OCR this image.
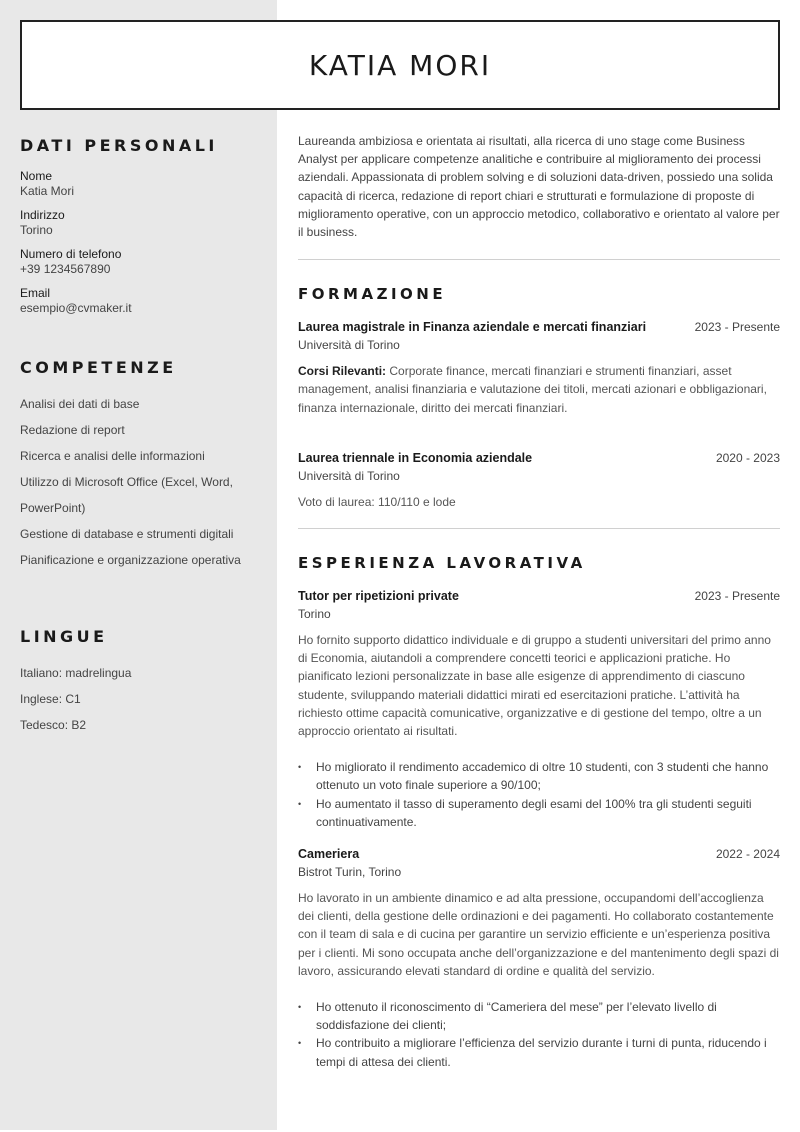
KATIA MORI
DATI PERSONALI
Nome
Katia Mori
Indirizzo
Torino
Numero di telefono
+39 1234567890
Email
esempio@cvmaker.it
COMPETENZE
Analisi dei dati di base
Redazione di report
Ricerca e analisi delle informazioni
Utilizzo di Microsoft Office (Excel, Word,
PowerPoint)
Gestione di database e strumenti digitali
Pianificazione e organizzazione operativa
LINGUE
Italiano: madrelingua
Inglese: C1
Tedesco: B2

Laureanda ambiziosa e orientata ai risultati, alla ricerca di uno stage come Business Analyst per applicare competenze analitiche e contribuire al miglioramento dei processi aziendali. Appassionata di problem solving e di soluzioni data-driven, possiedo una solida capacità di ricerca, redazione di report chiari e strutturati e formulazione di proposte di miglioramento operative, con un approccio metodico, collaborativo e orientato al valore per il business.

FORMAZIONE
Laurea magistrale in Finanza aziendale e mercati finanziari	2023 - Presente
Università di Torino

Corsi Rilevanti: Corporate finance, mercati finanziari e strumenti finanziari, asset management, analisi finanziaria e valutazione dei titoli, mercati azionari e obbligazionari, finanza internazionale, diritto dei mercati finanziari.

Laurea triennale in Economia aziendale	2020 - 2023
Università di Torino

Voto di laurea: 110/110 e lode

ESPERIENZA LAVORATIVA
Tutor per ripetizioni private	2023 - Presente
Torino

Ho fornito supporto didattico individuale e di gruppo a studenti universitari del primo anno di Economia, aiutandoli a comprendere concetti teorici e applicazioni pratiche. Ho pianificato lezioni personalizzate in base alle esigenze di apprendimento di ciascuno studente, sviluppando materiali didattici mirati ed esercitazioni pratiche. L’attività ha richiesto ottime capacità comunicative, organizzative e di gestione del tempo, oltre a un approccio orientato ai risultati.

• Ho migliorato il rendimento accademico di oltre 10 studenti, con 3 studenti che hanno ottenuto un voto finale superiore a 90/100;
• Ho aumentato il tasso di superamento degli esami del 100% tra gli studenti seguiti continuativamente.
Cameriera	2022 - 2024
Bistrot Turin, Torino

Ho lavorato in un ambiente dinamico e ad alta pressione, occupandomi dell’accoglienza dei clienti, della gestione delle ordinazioni e dei pagamenti. Ho collaborato costantemente con il team di sala e di cucina per garantire un servizio efficiente e un’esperienza positiva per i clienti. Mi sono occupata anche dell’organizzazione e del mantenimento degli spazi di lavoro, assicurando elevati standard di ordine e qualità del servizio.

• Ho ottenuto il riconoscimento di “Cameriera del mese” per l’elevato livello di soddisfazione dei clienti;
• Ho contribuito a migliorare l’efficienza del servizio durante i turni di punta, riducendo i tempi di attesa dei clienti.
